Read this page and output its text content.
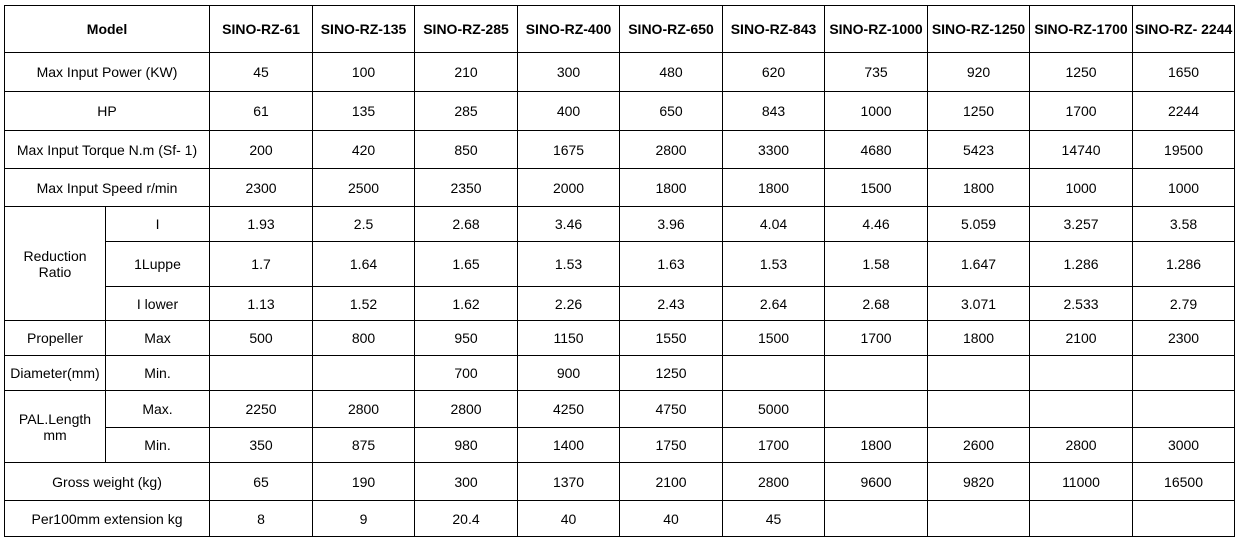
Model		SINO-RZ-61	SINO-RZ-135	SINO-RZ-285	SINO-RZ-400	SINO-RZ-650	SINO-RZ-843	SINO-RZ-1000	SINO-RZ-1250	SINO-RZ-1700	SINO-RZ- 2244
Max Input Power (KW)		45	100	210	300	480	620	735	920	1250	1650
HP		61	135	285	400	650	843	1000	1250	1700	2244
Max Input Torque N.m (Sf- 1)		200	420	850	1675	2800	3300	4680	5423	14740	19500
Max Input Speed r/min		2300	2500	2350	2000	1800	1800	1500	1800	1000	1000
	I	1.93	2.5	2.68	3.46	3.96	4.04	4.46	5.059	3.257	3.58
Reduction Ratio	1Luppe	1.7	1.64	1.65	1.53	1.63	1.53	1.58	1.647	1.286	1.286
	I lower	1.13	1.52	1.62	2.26	2.43	2.64	2.68	3.071	2.533	2.79
Propeller	Max	500	800	950	1150	1550	1500	1700	1800	2100	2300
Diameter(mm)	Min.			700	900	1250					
PAL.Length mm	Max.	2250	2800	2800	4250	4750	5000				
	Min.	350	875	980	1400	1750	1700	1800	2600	2800	3000
Gross weight (kg)		65	190	300	1370	2100	2800	9600	9820	11000	16500
Per100mm extension kg		8	9	20.4	40	40	45				
